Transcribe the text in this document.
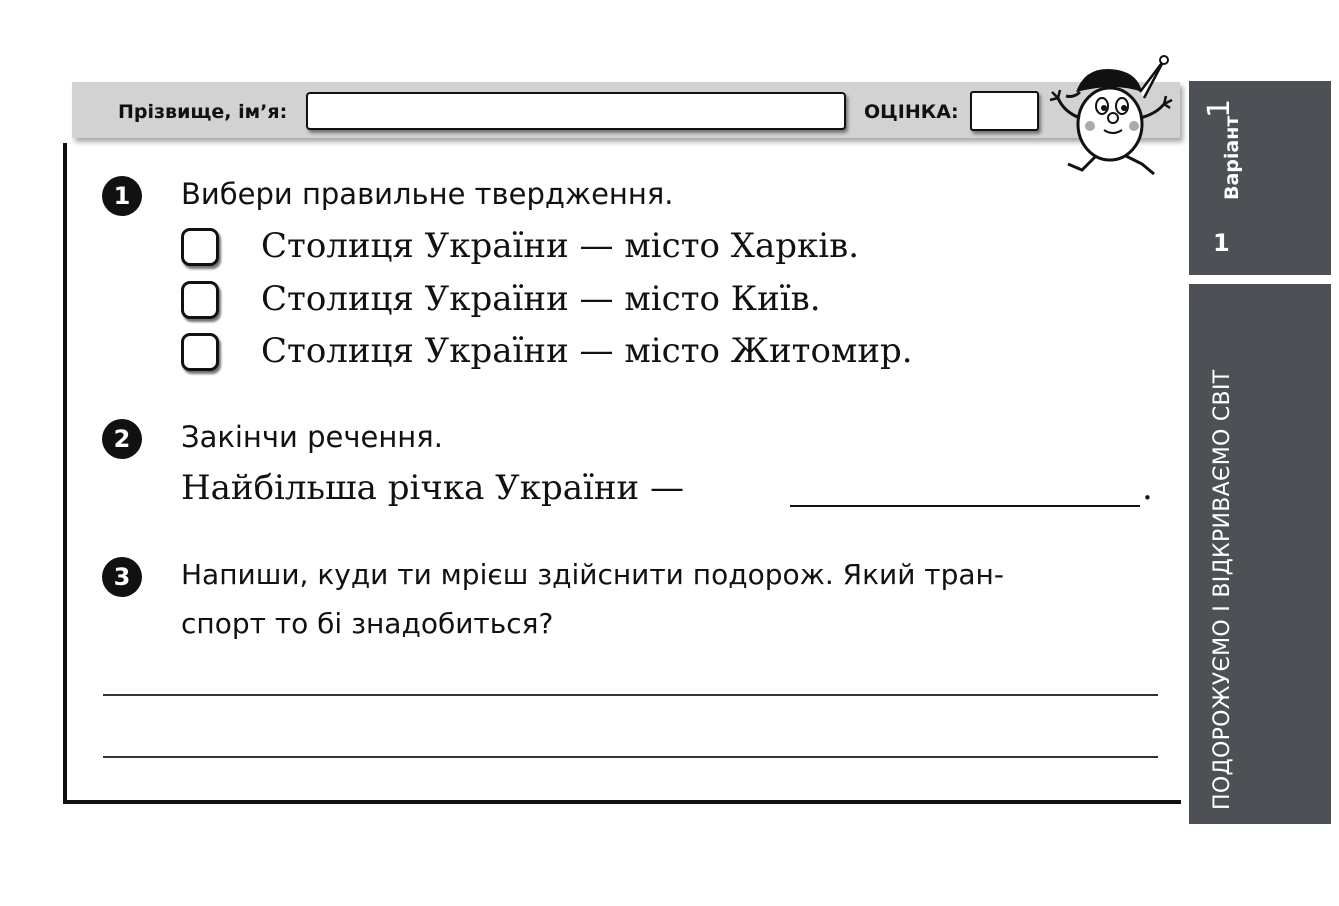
Прізвище, ім’я:	ОЦІНКА:
1	Вибери правильне твердження.
Столиця України — місто Харків.
Столиця України — місто Київ.
Столиця України — місто Житомир.
2	Закінчи речення.
Найбільша річка України —	.
3	Напиши, куди ти мрієш здійснити подорож. Який тран-
спорт то бі знадобиться?
Варіант
1
1
ПОДОРОЖУЄМО І ВІДКРИВАЄМО СВІТ
